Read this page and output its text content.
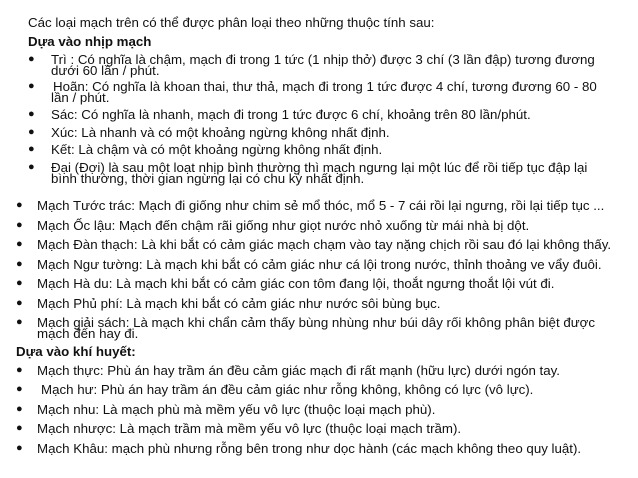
Các loại mạch trên có thể được phân loại theo những thuộc tính sau:
Dựa vào nhịp mạch
● Trì : Có nghĩa là chậm, mạch đi trong 1 tức (1 nhịp thở) được 3 chí (3 lần đập) tương đương
dưới 60 lần / phút.
● Hoãn: Có nghĩa là khoan thai, thư thả, mạch đi trong 1 tức được 4 chí, tương đương 60 - 80
lần / phút.
● Sác: Có nghĩa là nhanh, mạch đi trong 1 tức được 6 chí, khoảng trên 80 lần/phút.
● Xúc: Là nhanh và có một khoảng ngừng không nhất định.
● Kết: Là chậm và có một khoảng ngừng không nhất định.
● Đại (Đợi) là sau một loạt nhịp bình thường thì mạch ngưng lại một lúc để rồi tiếp tục đập lại
bình thường, thời gian ngừng lại có chu kỳ nhất định.
● Mạch Tước trác: Mạch đi giống như chim sẻ mổ thóc, mổ 5 - 7 cái rồi lại ngưng, rồi lại tiếp tục ...
● Mạch Ốc lậu: Mạch đến chậm rãi giống như giọt nước nhỏ xuống từ mái nhà bị dột.
● Mạch Đàn thạch: Là khi bắt có cảm giác mạch chạm vào tay nặng chịch rồi sau đó lại không thấy.
● Mạch Ngư tường: Là mạch khi bắt có cảm giác như cá lội trong nước, thỉnh thoảng ve vẩy đuôi.
● Mạch Hà du: Là mạch khi bắt có cảm giác con tôm đang lội, thoắt ngưng thoắt lội vút đi.
● Mạch Phủ phí: Là mạch khi bắt có cảm giác như nước sôi bùng bục.
● Mạch giải sách: Là mạch khi chẩn cảm thấy bùng nhùng như búi dây rối không phân biệt được
mạch đến hay đi.
Dựa vào khí huyết:
● Mạch thực: Phù án hay trầm án đều cảm giác mạch đi rất mạnh (hữu lực) dưới ngón tay.
● Mạch hư: Phù án hay trầm án đều cảm giác như rỗng không, không có lực (vô lực).
● Mạch nhu: Là mạch phù mà mềm yếu vô lực (thuộc loại mạch phù).
● Mạch nhược: Là mạch trầm mà mềm yếu vô lực (thuộc loại mạch trầm).
● Mạch Khâu: mạch phù nhưng rỗng bên trong như dọc hành (các mạch không theo quy luật).
